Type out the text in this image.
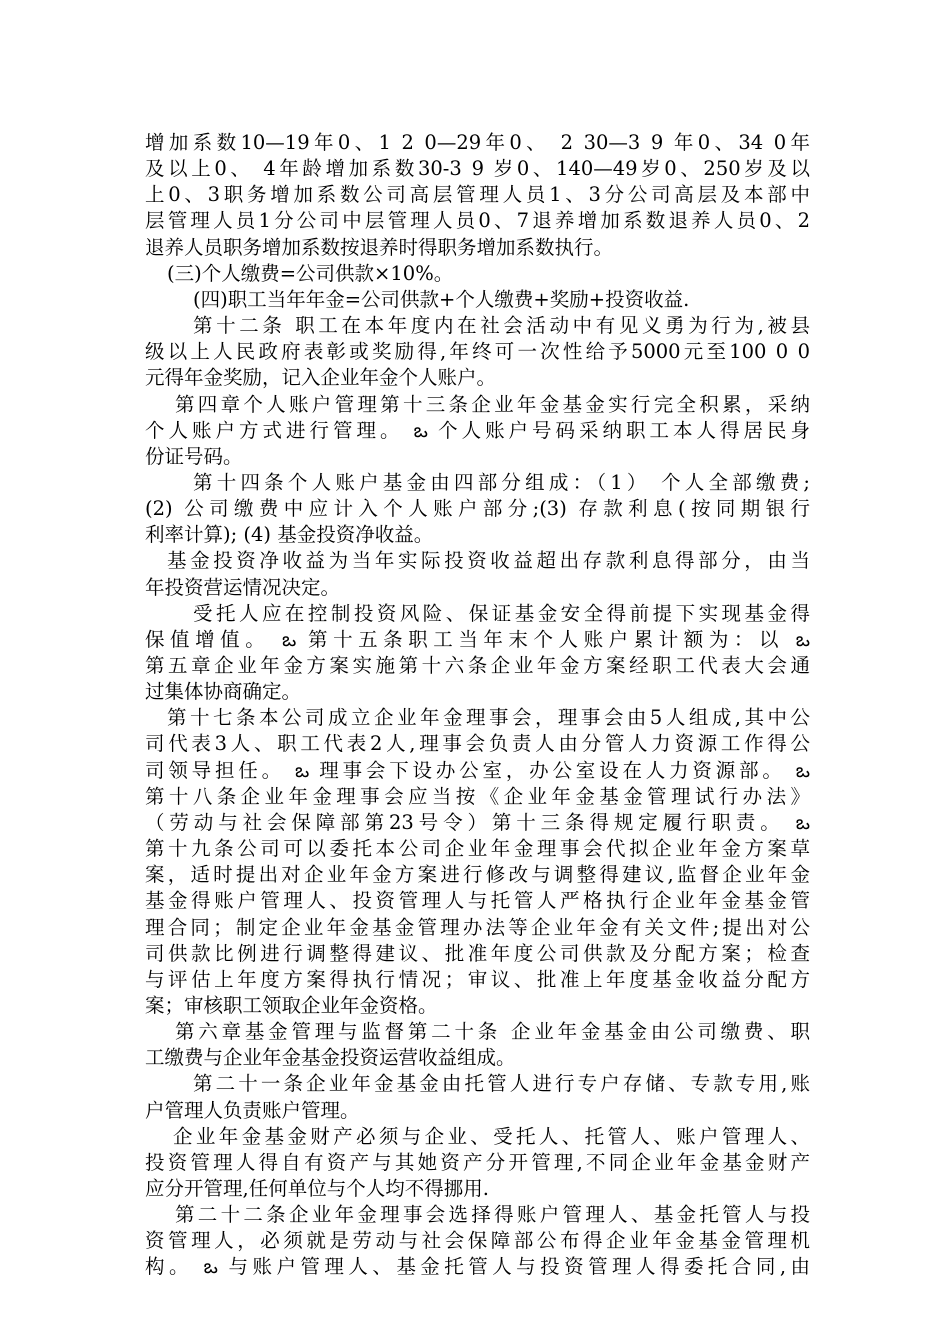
增加系数10—19年0、1 2 0—29年0、 2 30—3 9 年0、34 0年
及以上0、 4年龄增加系数30-3 9 岁0、140—49岁0、250岁及以
上0、3职务增加系数公司高层管理人员1、3分公司高层及本部中
层管理人员1分公司中层管理人员0、7退养增加系数退养人员0、2
退养人员职务增加系数按退养时得职务增加系数执行。
(三)个人缴费=公司供款×10%。
(四)职工当年年金=公司供款+个人缴费+奖励+投资收益.
第十二条 职工在本年度内在社会活动中有见义勇为行为,被县
级以上人民政府表彰或奖励得,年终可一次性给予5000元至100 0 0
元得年金奖励，记入企业年金个人账户。
第四章个人账户管理第十三条企业年金基金实行完全积累，采纳
个人账户方式进行管理。 ఒ 个人账户号码采纳职工本人得居民身
份证号码。
第十四条个人账户基金由四部分组成：（1） 个人全部缴费;
(2) 公司缴费中应计入个人账户部分;(3) 存款利息(按同期银行
利率计算); (4) 基金投资净收益。
基金投资净收益为当年实际投资收益超出存款利息得部分，由当
年投资营运情况决定。
受托人应在控制投资风险、保证基金安全得前提下实现基金得
保值增值。 ఒ 第十五条职工当年末个人账户累计额为：以 ఒ
第五章企业年金方案实施第十六条企业年金方案经职工代表大会通
过集体协商确定。
第十七条本公司成立企业年金理事会，理事会由5人组成,其中公
司代表3人、职工代表2人,理事会负责人由分管人力资源工作得公
司领导担任。 ఒ 理事会下设办公室，办公室设在人力资源部。 ఒ
第十八条企业年金理事会应当按《企业年金基金管理试行办法》
（劳动与社会保障部第23号令）第十三条得规定履行职责。 ఒ
第十九条公司可以委托本公司企业年金理事会代拟企业年金方案草
案，适时提出对企业年金方案进行修改与调整得建议,监督企业年金
基金得账户管理人、投资管理人与托管人严格执行企业年金基金管
理合同；制定企业年金基金管理办法等企业年金有关文件;提出对公
司供款比例进行调整得建议、批准年度公司供款及分配方案；检查
与评估上年度方案得执行情况；审议、批准上年度基金收益分配方
案；审核职工领取企业年金资格。
第六章基金管理与监督第二十条 企业年金基金由公司缴费、职
工缴费与企业年金基金投资运营收益组成。
第二十一条企业年金基金由托管人进行专户存储、专款专用,账
户管理人负责账户管理。
企业年金基金财产必须与企业、受托人、托管人、账户管理人、
投资管理人得自有资产与其她资产分开管理,不同企业年金基金财产
应分开管理,任何单位与个人均不得挪用.
第二十二条企业年金理事会选择得账户管理人、基金托管人与投
资管理人，必须就是劳动与社会保障部公布得企业年金基金管理机
构。 ఒ 与账户管理人、基金托管人与投资管理人得委托合同,由
